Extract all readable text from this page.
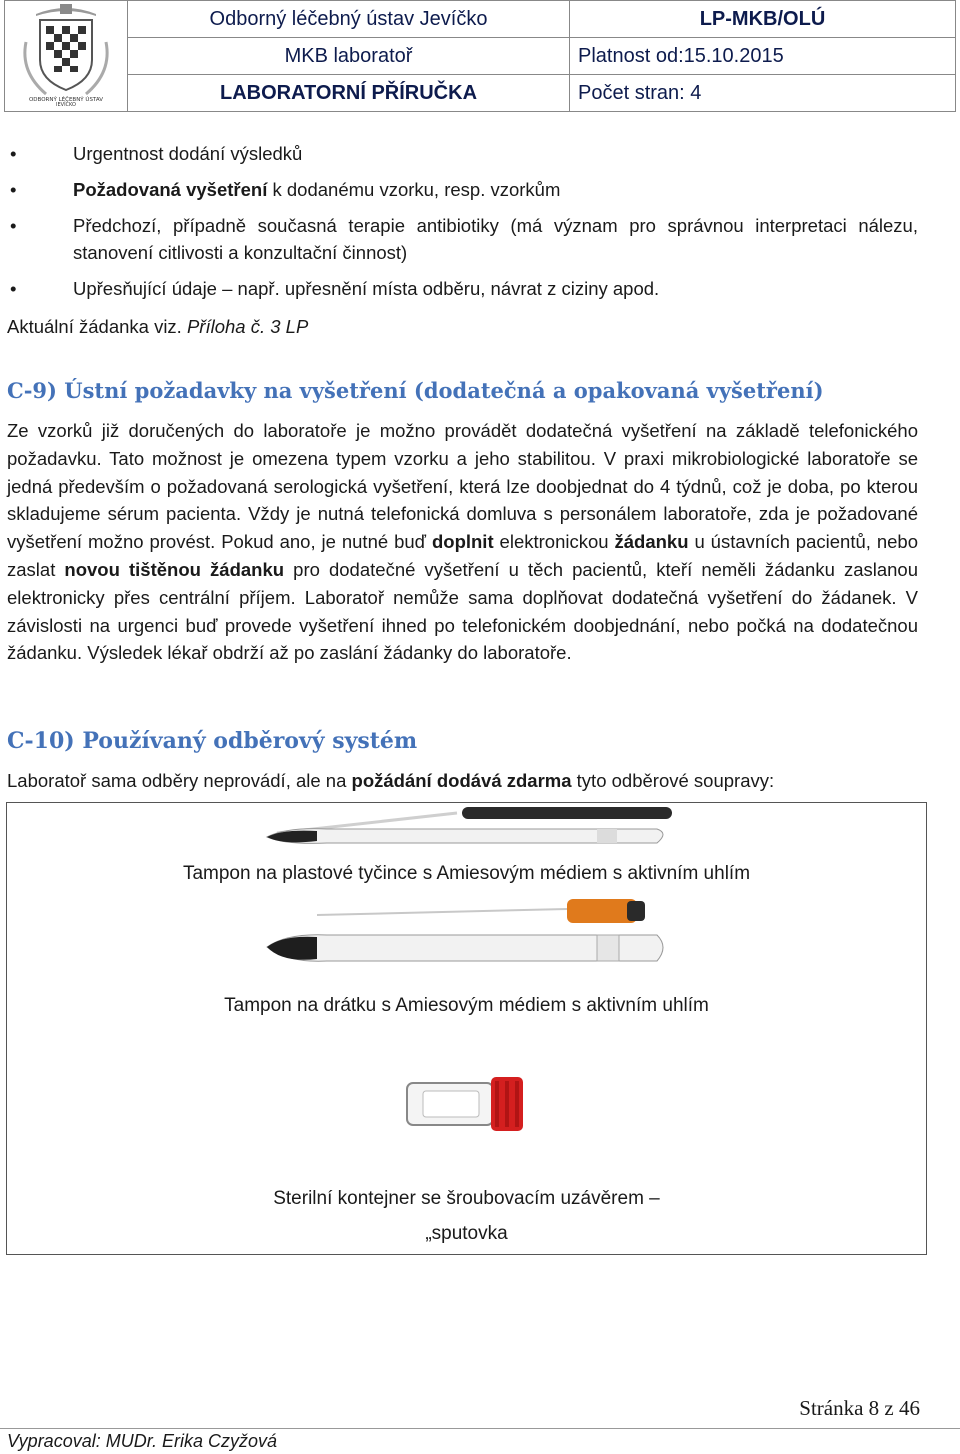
ODBORNÝ LÉČEBNÝ ÚSTAV
JEVÍČKO	Odborný léčebný ústav Jevíčko	LP-MKB/OLÚ
	MKB laboratoř	Platnost od:15.10.2015
	LABORATORNÍ PŘÍRUČKA	Počet stran: 4
•	Urgentnost dodání výsledků
•	Požadovaná vyšetření k dodanému vzorku, resp. vzorkům
•	Předchozí, případně současná terapie antibiotiky (má význam pro správnou interpretaci nálezu, stanovení citlivosti a konzultační činnost)
•	Upřesňující údaje – např. upřesnění místa odběru, návrat z ciziny apod.
Aktuální žádanka viz. Příloha č. 3 LP
C-9) Ústní požadavky na vyšetření (dodatečná a opakovaná vyšetření)
Ze vzorků již doručených do laboratoře je možno provádět dodatečná vyšetření na základě telefonického požadavku. Tato možnost je omezena typem vzorku a jeho stabilitou. V praxi mikrobiologické laboratoře se jedná především o požadovaná serologická vyšetření, která lze doobjednat do 4 týdnů, což je doba, po kterou skladujeme sérum pacienta. Vždy je nutná telefonická domluva s personálem laboratoře, zda je požadované vyšetření možno provést. Pokud ano, je nutné buď doplnit elektronickou žádanku u ústavních pacientů, nebo zaslat novou tištěnou žádanku pro dodatečné vyšetření u těch pacientů, kteří neměli žádanku zaslanou elektronicky přes centrální příjem. Laboratoř nemůže sama doplňovat dodatečná vyšetření do žádanek. V závislosti na urgenci buď provede vyšetření ihned po telefonickém doobjednání, nebo počká na dodatečnou žádanku. Výsledek lékař obdrží až po zaslání žádanky do laboratoře.
C-10) Používaný odběrový systém
Laboratoř sama odběry neprovádí, ale na požádání dodává zdarma tyto odběrové soupravy:
Tampon na plastové tyčince s Amiesovým médiem s aktivním uhlím
Tampon na drátku s Amiesovým médiem s aktivním uhlím
Sterilní kontejner se šroubovacím uzávěrem –
„sputovka
Stránka 8 z 46
Vypracoval: MUDr. Erika Czyžová
